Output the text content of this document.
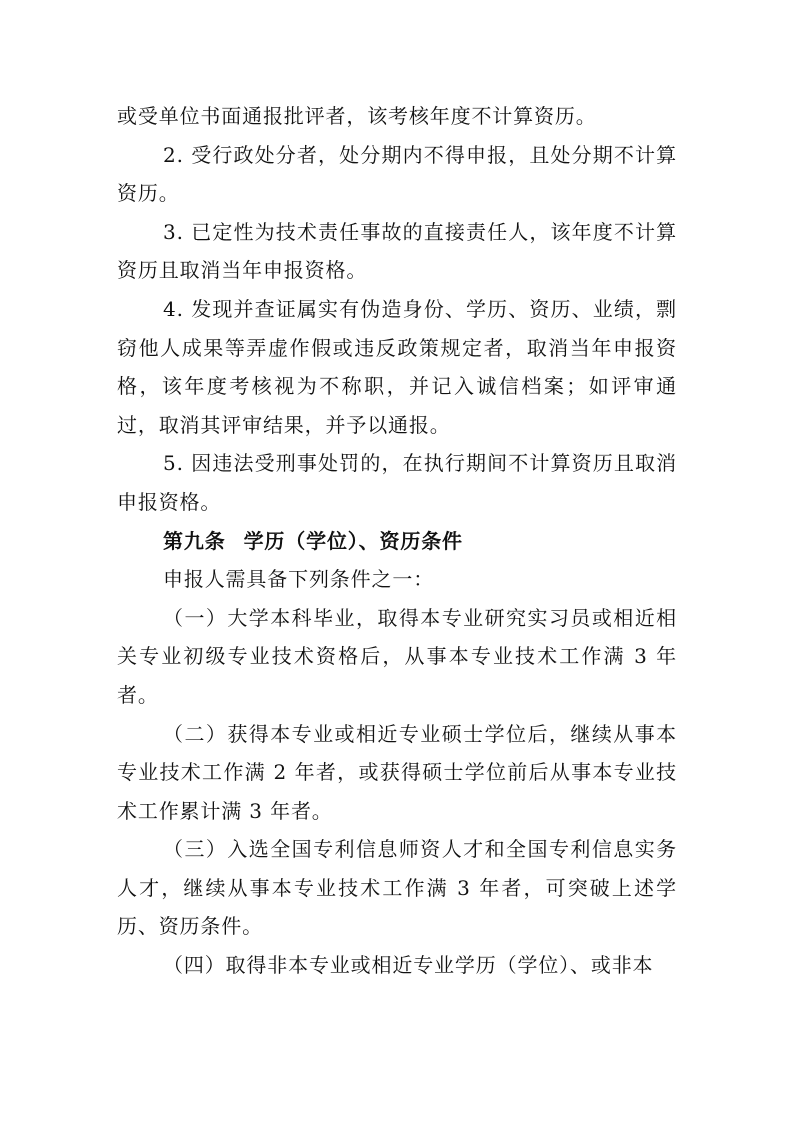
或受单位书面通报批评者，该考核年度不计算资历。

2. 受行政处分者，处分期内不得申报，且处分期不计算资历。

3. 已定性为技术责任事故的直接责任人，该年度不计算资历且取消当年申报资格。

4. 发现并查证属实有伪造身份、学历、资历、业绩，剽窃他人成果等弄虚作假或违反政策规定者，取消当年申报资格，该年度考核视为不称职，并记入诚信档案；如评审通过，取消其评审结果，并予以通报。

5. 因违法受刑事处罚的，在执行期间不计算资历且取消申报资格。

第九条 学历（学位）、资历条件

申报人需具备下列条件之一：

（一）大学本科毕业，取得本专业研究实习员或相近相关专业初级专业技术资格后，从事本专业技术工作满 3 年者。

（二）获得本专业或相近专业硕士学位后，继续从事本专业技术工作满 2 年者，或获得硕士学位前后从事本专业技术工作累计满 3 年者。

（三）入选全国专利信息师资人才和全国专利信息实务人才，继续从事本专业技术工作满 3 年者，可突破上述学历、资历条件。

（四）取得非本专业或相近专业学历（学位）、或非本
